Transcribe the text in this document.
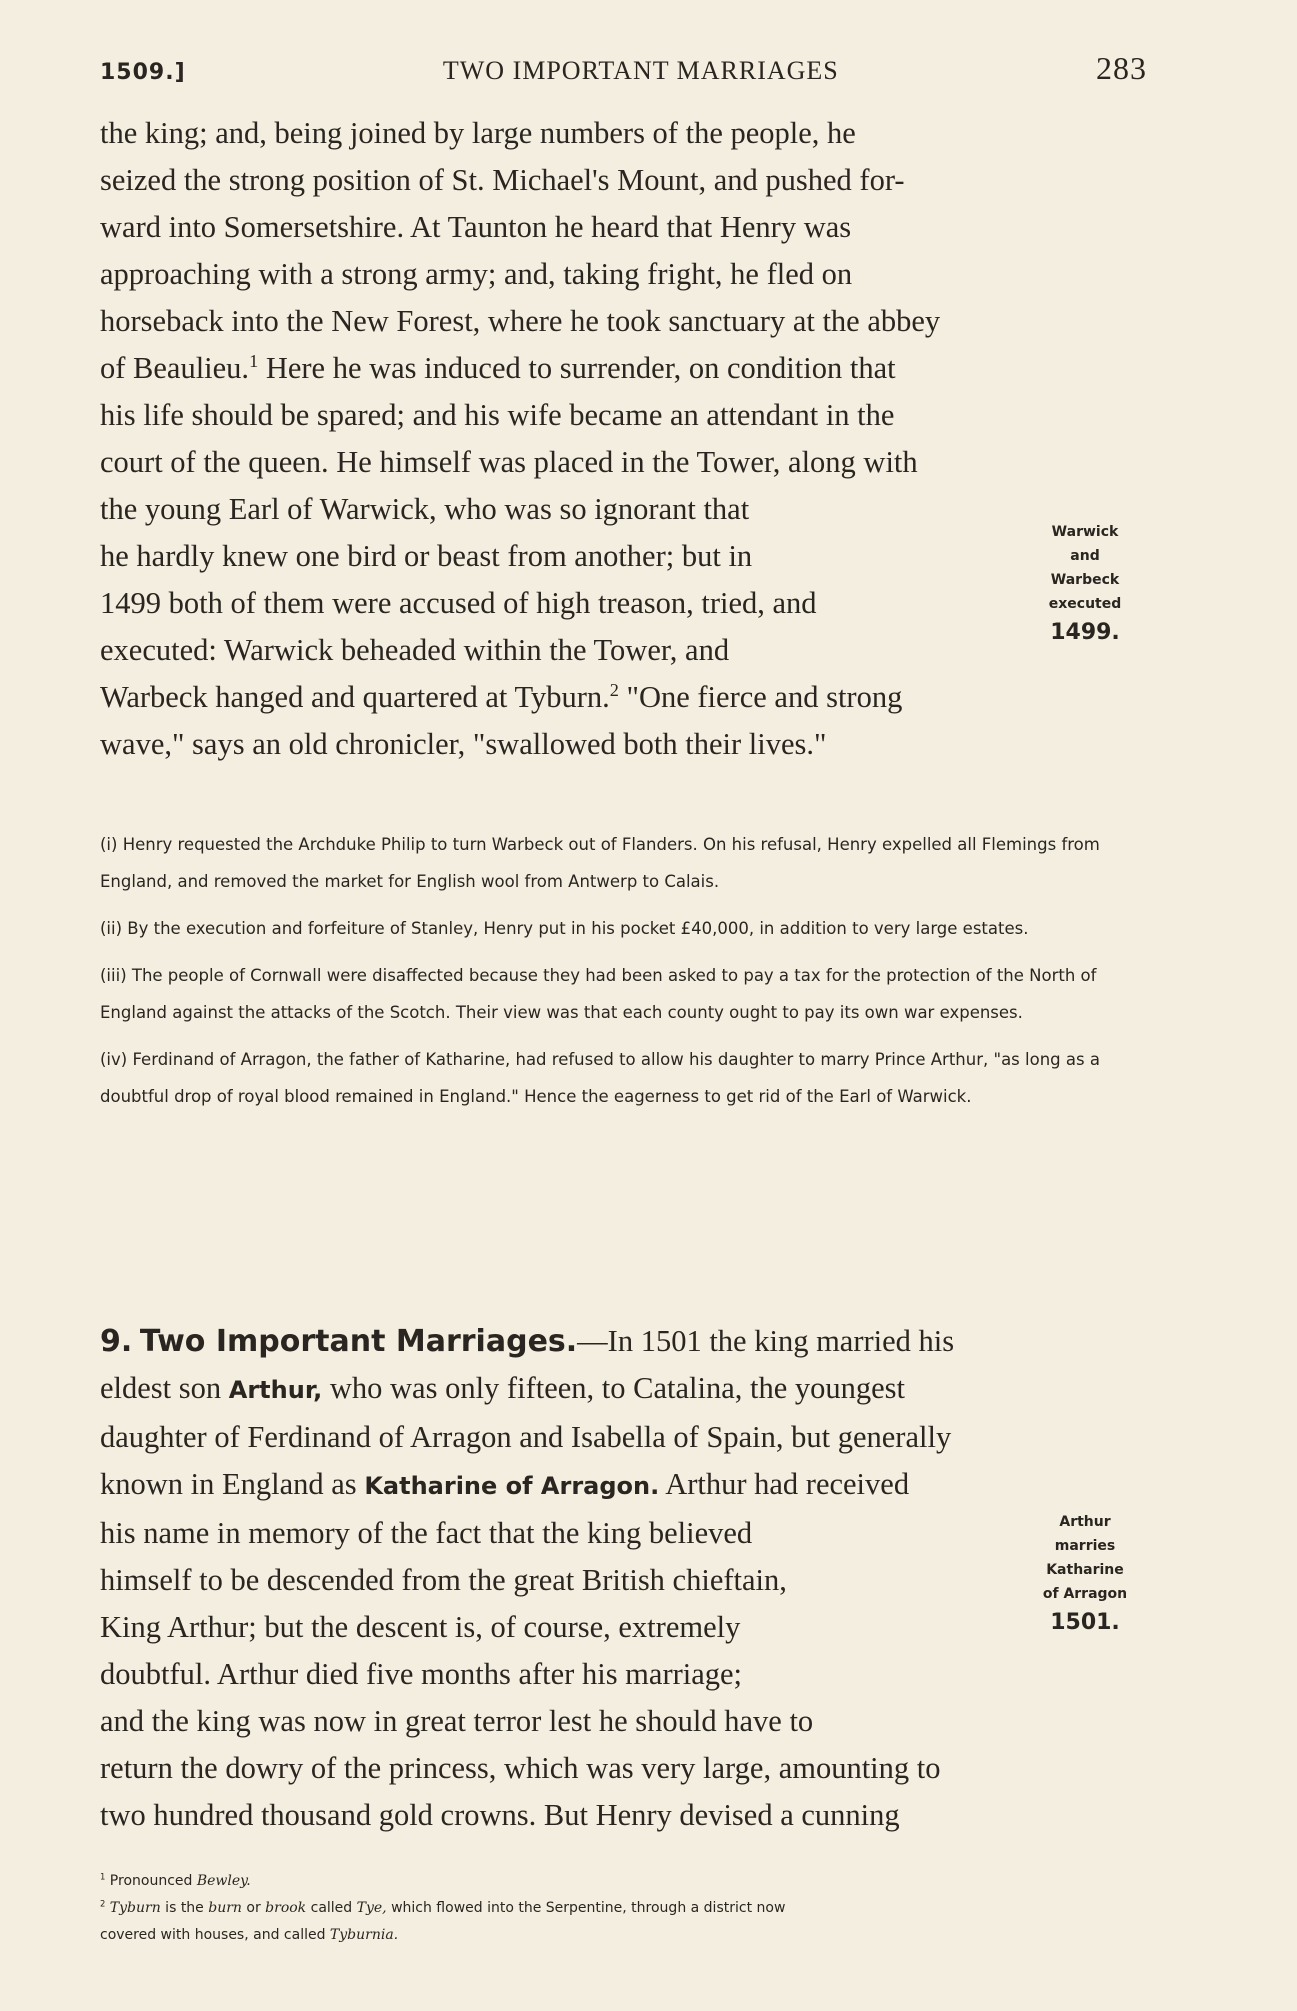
1509.]	TWO IMPORTANT MARRIAGES	283
the king; and, being joined by large numbers of the people, he
seized the strong position of St. Michael's Mount, and pushed for-
ward into Somersetshire. At Taunton he heard that Henry was
approaching with a strong army; and, taking fright, he fled on
horseback into the New Forest, where he took sanctuary at the abbey
of Beaulieu.$^1$ Here he was induced to surrender, on condition that
his life should be spared; and his wife became an attendant in the
court of the queen. He himself was placed in the Tower, along with
the young Earl of Warwick, who was so ignorant that
he hardly knew one bird or beast from another; but in
1499 both of them were accused of high treason, tried, and
executed: Warwick beheaded within the Tower, and
Warbeck hanged and quartered at Tyburn.$^2$ "One fierce and strong
wave," says an old chronicler, "swallowed both their lives."
Warwick
and
Warbeck
executed
1499.

(i) Henry requested the Archduke Philip to turn Warbeck out of Flanders. On his refusal, Henry expelled all Flemings from England, and removed the market for English wool from Antwerp to Calais.

(ii) By the execution and forfeiture of Stanley, Henry put in his pocket £40,000, in addition to very large estates.

(iii) The people of Cornwall were disaffected because they had been asked to pay a tax for the protection of the North of England against the attacks of the Scotch. Their view was that each county ought to pay its own war expenses.

(iv) Ferdinand of Arragon, the father of Katharine, had refused to allow his daughter to marry Prince Arthur, "as long as a doubtful drop of royal blood remained in England." Hence the eagerness to get rid of the Earl of Warwick.

9. Two Important Marriages.—In 1501 the king married his
eldest son Arthur, who was only fifteen, to Catalina, the youngest
daughter of Ferdinand of Arragon and Isabella of Spain, but generally
known in England as Katharine of Arragon. Arthur had received
his name in memory of the fact that the king believed
himself to be descended from the great British chieftain,
King Arthur; but the descent is, of course, extremely
doubtful. Arthur died five months after his marriage;
and the king was now in great terror lest he should have to
return the dowry of the princess, which was very large, amounting to
two hundred thousand gold crowns. But Henry devised a cunning
Arthur
marries
Katharine
of Arragon
1501.

$^1$ Pronounced Bewley.

$^2$ Tyburn is the burn or brook called Tye, which flowed into the Serpentine, through a district now

covered with houses, and called Tyburnia.
